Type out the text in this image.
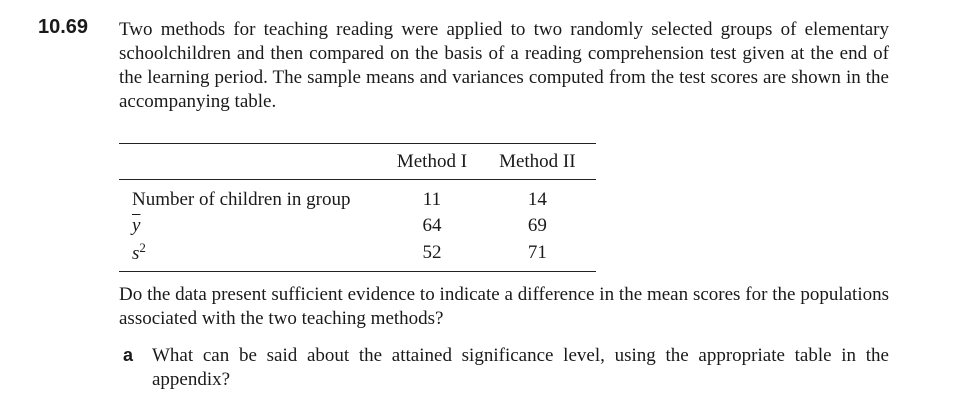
10.69 Two methods for teaching reading were applied to two randomly selected groups of elementary schoolchildren and then compared on the basis of a reading comprehension test given at the end of the learning period. The sample means and variances computed from the test scores are shown in the accompanying table.

	Method I	Method II
Number of children in group	11	14
$\overline{y}$	64	69
$s^2$	52	71

Do the data present sufficient evidence to indicate a difference in the mean scores for the populations associated with the two teaching methods?

a What can be said about the attained significance level, using the appropriate table in the appendix?
